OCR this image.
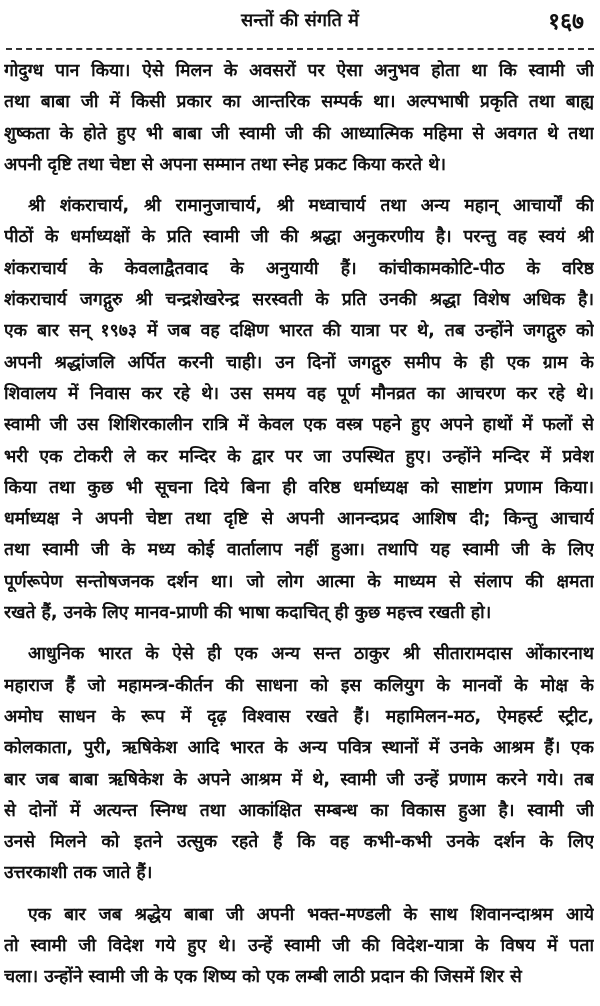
सन्तों की संगति में	१६७
गोदुग्ध पान किया। ऐसे मिलन के अवसरों पर ऐसा अनुभव होता था कि स्वामी जी
तथा बाबा जी में किसी प्रकार का आन्तरिक सम्पर्क था। अल्पभाषी प्रकृति तथा बाह्य
शुष्कता के होते हुए भी बाबा जी स्वामी जी की आध्यात्मिक महिमा से अवगत थे तथा
अपनी दृष्टि तथा चेष्टा से अपना सम्मान तथा स्नेह प्रकट किया करते थे।
श्री शंकराचार्य, श्री रामानुजाचार्य, श्री मध्वाचार्य तथा अन्य महान् आचार्यों की
पीठों के धर्माध्यक्षों के प्रति स्वामी जी की श्रद्धा अनुकरणीय है। परन्तु वह स्वयं श्री
शंकराचार्य के केवलाद्वैतवाद के अनुयायी हैं। कांचीकामकोटि-पीठ के वरिष्ठ
शंकराचार्य जगद्गुरु श्री चन्द्रशेखरेन्द्र सरस्वती के प्रति उनकी श्रद्धा विशेष अधिक है।
एक बार सन् १९७३ में जब वह दक्षिण भारत की यात्रा पर थे, तब उन्होंने जगद्गुरु को
अपनी श्रद्धांजलि अर्पित करनी चाही। उन दिनों जगद्गुरु समीप के ही एक ग्राम के
शिवालय में निवास कर रहे थे। उस समय वह पूर्ण मौनव्रत का आचरण कर रहे थे।
स्वामी जी उस शिशिरकालीन रात्रि में केवल एक वस्त्र पहने हुए अपने हाथों में फलों से
भरी एक टोकरी ले कर मन्दिर के द्वार पर जा उपस्थित हुए। उन्होंने मन्दिर में प्रवेश
किया तथा कुछ भी सूचना दिये बिना ही वरिष्ठ धर्माध्यक्ष को साष्टांग प्रणाम किया।
धर्माध्यक्ष ने अपनी चेष्टा तथा दृष्टि से अपनी आनन्दप्रद आशिष दी; किन्तु आचार्य
तथा स्वामी जी के मध्य कोई वार्तालाप नहीं हुआ। तथापि यह स्वामी जी के लिए
पूर्णरूपेण सन्तोषजनक दर्शन था। जो लोग आत्मा के माध्यम से संलाप की क्षमता
रखते हैं, उनके लिए मानव-प्राणी की भाषा कदाचित् ही कुछ महत्त्व रखती हो।
आधुनिक भारत के ऐसे ही एक अन्य सन्त ठाकुर श्री सीतारामदास ओंकारनाथ
महाराज हैं जो महामन्त्र-कीर्तन की साधना को इस कलियुग के मानवों के मोक्ष के
अमोघ साधन के रूप में दृढ़ विश्वास रखते हैं। महामिलन-मठ, ऐमहर्स्ट स्ट्रीट,
कोलकाता, पुरी, ऋषिकेश आदि भारत के अन्य पवित्र स्थानों में उनके आश्रम हैं। एक
बार जब बाबा ऋषिकेश के अपने आश्रम में थे, स्वामी जी उन्हें प्रणाम करने गये। तब
से दोनों में अत्यन्त स्निग्ध तथा आकांक्षित सम्बन्ध का विकास हुआ है। स्वामी जी
उनसे मिलने को इतने उत्सुक रहते हैं कि वह कभी-कभी उनके दर्शन के लिए
उत्तरकाशी तक जाते हैं।
एक बार जब श्रद्धेय बाबा जी अपनी भक्त-मण्डली के साथ शिवानन्दाश्रम आये
तो स्वामी जी विदेश गये हुए थे। उन्हें स्वामी जी की विदेश-यात्रा के विषय में पता
चला। उन्होंने स्वामी जी के एक शिष्य को एक लम्बी लाठी प्रदान की जिसमें शिर से
